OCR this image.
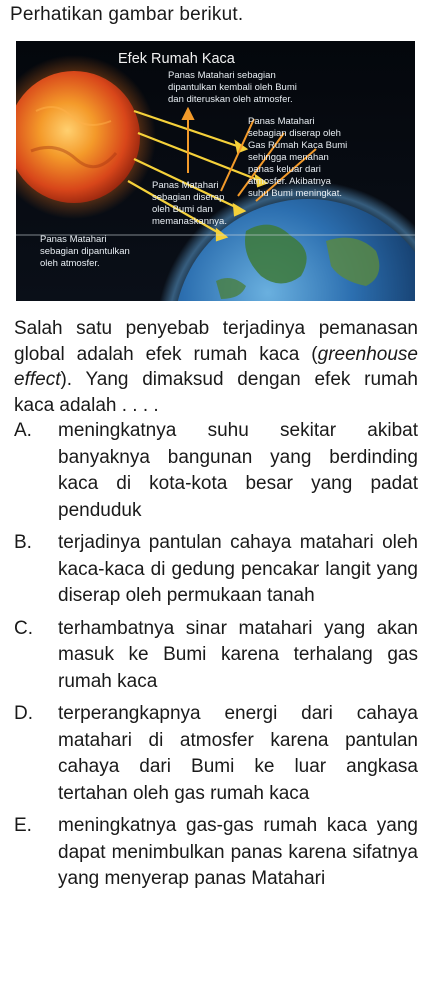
Perhatikan gambar berikut.
Efek Rumah Kaca
Panas Matahari sebagian
dipantulkan kembali oleh Bumi
dan diteruskan oleh atmosfer.
Panas Matahari
sebagian diserap oleh
Gas Rumah Kaca Bumi
sehingga menahan
panas keluar dari
atmosfer. Akibatnya
suhu Bumi meningkat.
Panas Matahari
sebagian diserap
oleh Bumi dan
memanaskannya.
Panas Matahari
sebagian dipantulkan
oleh atmosfer.
Salah satu penyebab terjadinya pemanasan global adalah efek rumah kaca (greenhouse effect). Yang dimaksud dengan efek rumah kaca adalah . . . .
A.	meningkatnya suhu sekitar akibat banyaknya bangunan yang berdinding kaca di kota-kota besar yang padat penduduk
B.	terjadinya pantulan cahaya matahari oleh kaca-kaca di gedung pencakar langit yang diserap oleh permukaan tanah
C.	terhambatnya sinar matahari yang akan masuk ke Bumi karena terhalang gas rumah kaca
D.	terperangkapnya energi dari cahaya matahari di atmosfer karena pantulan cahaya dari Bumi ke luar angkasa tertahan oleh gas rumah kaca
E.	meningkatnya gas-gas rumah kaca yang dapat menimbulkan panas karena sifatnya yang menyerap panas Matahari
